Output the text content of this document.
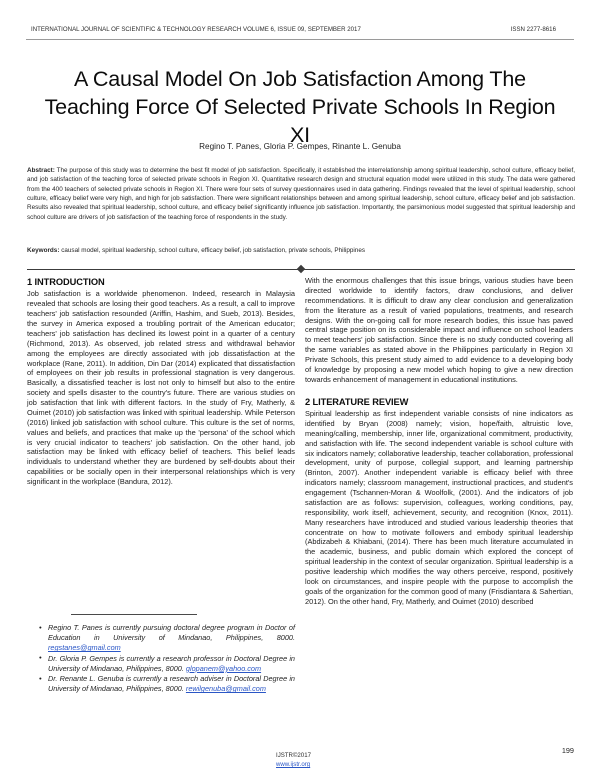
INTERNATIONAL JOURNAL OF SCIENTIFIC & TECHNOLOGY RESEARCH VOLUME 6, ISSUE 09, SEPTEMBER 2017	ISSN 2277-8616
A Causal Model On Job Satisfaction Among The Teaching Force Of Selected Private Schools In Region XI
Regino T. Panes, Gloria P. Gempes, Rinante L. Genuba
Abstract: The purpose of this study was to determine the best fit model of job satisfaction. Specifically, it established the interrelationship among spiritual leadership, school culture, efficacy belief, and job satisfaction of the teaching force of selected private schools in Region XI. Quantitative research design and structural equation model were utilized in this study. The data were gathered from the 400 teachers of selected private schools in Region XI. There were four sets of survey questionnaires used in data gathering. Findings revealed that the level of spiritual leadership, school culture, efficacy belief were very high, and high for job satisfaction. There were significant relationships between and among spiritual leadership, school culture, efficacy belief and job satisfaction. Results also revealed that spiritual leadership, school culture, and efficacy belief significantly influence job satisfaction. Importantly, the parsimonious model suggested that spiritual leadership and school culture are drivers of job satisfaction of the teaching force of respondents in the study.
Keywords: causal model, spiritual leadership, school culture, efficacy belief, job satisfaction, private schools, Philippines
1 INTRODUCTION

Job satisfaction is a worldwide phenomenon. Indeed, research in Malaysia revealed that schools are losing their good teachers. As a result, a call to improve teachers' job satisfaction resounded (Ariffin, Hashim, and Sueb, 2013). Besides, the survey in America exposed a troubling portrait of the American educator; teachers' job satisfaction has declined its lowest point in a quarter of a century (Richmond, 2013). As observed, job related stress and withdrawal behavior among the employees are directly associated with job dissatisfaction at the workplace (Rane, 2011). In addition, Din Dar (2014) explicated that dissatisfaction of employees on their job results in professional stagnation is very dangerous. Basically, a dissatisfied teacher is lost not only to himself but also to the entire society and spells disaster to the country's future. There are various studies on job satisfaction that link with different factors. In the study of Fry, Matherly, & Ouimet (2010) job satisfaction was linked with spiritual leadership. While Peterson (2016) linked job satisfaction with school culture. This culture is the set of norms, values and beliefs, and practices that make up the 'persona' of the school which is very crucial indicator to teachers' job satisfaction. On the other hand, job satisfaction may be linked with efficacy belief of teachers. This belief leads individuals to understand whether they are burdened by self-doubts about their capabilities or be socially open in their interpersonal relationships which is very significant in the workplace (Bandura, 2012).

With the enormous challenges that this issue brings, various studies have been directed worldwide to identify factors, draw conclusions, and deliver recommendations. It is difficult to draw any clear conclusion and generalization from the literature as a result of varied populations, treatments, and research designs. With the on-going call for more research bodies, this issue has paved central stage position on its considerable impact and influence on school leaders to meet teachers' job satisfaction. Since there is no study conducted covering all the same variables as stated above in the Philippines particularly in Region XI Private Schools, this present study aimed to add evidence to a developing body of knowledge by proposing a new model which hoping to give a new direction towards enhancement of management in educational institutions.

2 LITERATURE REVIEW

Spiritual leadership as first independent variable consists of nine indicators as identified by Bryan (2008) namely; vision, hope/faith, altruistic love, meaning/calling, membership, inner life, organizational commitment, productivity, and satisfaction with life. The second independent variable is school culture with six indicators namely; collaborative leadership, teacher collaboration, professional development, unity of purpose, collegial support, and learning partnership (Brinton, 2007). Another independent variable is efficacy belief with three indicators namely; classroom management, instructional practices, and student's engagement (Tschannen-Moran & Woolfolk, (2001). And the indicators of job satisfaction are as follows: supervision, colleagues, working conditions, pay, responsibility, work itself, achievement, security, and recognition (Knox, 2011). Many researchers have introduced and studied various leadership theories that concentrate on how to motivate followers and embody spiritual leadership (Abdizabeh & Khiabani, (2014). There has been much literature accumulated in the academic, business, and public domain which explored the concept of spiritual leadership in the context of secular organization. Spiritual leadership is a positive leadership which modifies the way others perceive, respond, positively look on circumstances, and inspire people with the purpose to accomplish the goals of the organization for the common good of many (Frisdiantara & Sahertian, 2012). On the other hand, Fry, Matherly, and Ouimet (2010) described

• Regino T. Panes is currently pursuing doctoral degree program in Doctor of Education in University of Mindanao, Philippines, 8000. regstanes@gmail.com
• Dr. Gloria P. Gempes is currently a research professor in Doctoral Degree in University of Mindanao, Philippines, 8000. glopanem@yahoo.com
• Dr. Renante L. Genuba is currently a research adviser in Doctoral Degree in University of Mindanao, Philippines, 8000. rewilgenuba@gmail.com
199
IJSTR©2017
www.ijstr.org
